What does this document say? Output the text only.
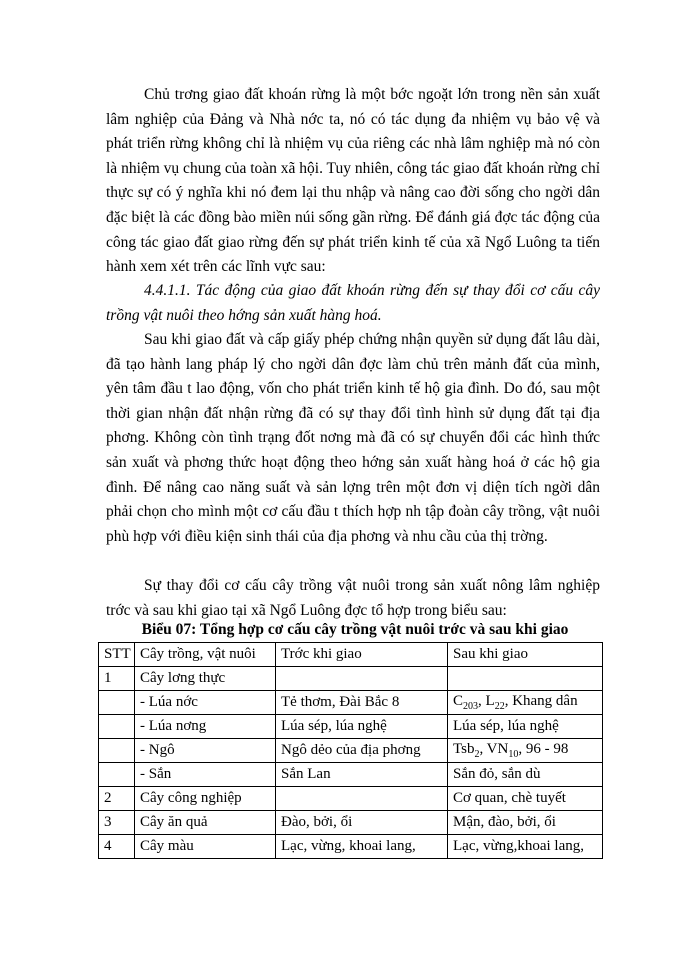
Chủ trơng giao đất khoán rừng là một bớc ngoặt lớn trong nền sản xuất lâm nghiệp của Đảng và Nhà nớc ta, nó có tác dụng đa nhiệm vụ bảo vệ và phát triển rừng không chỉ là nhiệm vụ của riêng các nhà lâm nghiệp mà nó còn là nhiệm vụ chung của toàn xã hội. Tuy nhiên, công tác giao đất khoán rừng chỉ thực sự có ý nghĩa khi nó đem lại thu nhập và nâng cao đời sống cho ngời dân đặc biệt là các đồng bào miền núi sống gần rừng. Để đánh giá đợc tác động của công tác giao đất giao rừng đến sự phát triển kinh tế của xã Ngổ Luông ta tiến hành xem xét trên các lĩnh vực sau:

4.4.1.1. Tác động của giao đất khoán rừng đến sự thay đổi cơ cấu cây trồng vật nuôi theo hớng sản xuất hàng hoá.

Sau khi giao đất và cấp giấy phép chứng nhận quyền sử dụng đất lâu dài, đã tạo hành lang pháp lý cho ngời dân đợc làm chủ trên mảnh đất của mình, yên tâm đầu t lao động, vốn cho phát triển kinh tế hộ gia đình. Do đó, sau một thời gian nhận đất nhận rừng đã có sự thay đổi tình hình sử dụng đất tại địa phơng. Không còn tình trạng đốt nơng mà đã có sự chuyển đổi các hình thức sản xuất và phơng thức hoạt động theo hớng sản xuất hàng hoá ở các hộ gia đình. Để nâng cao năng suất và sản lợng trên một đơn vị diện tích ngời dân phải chọn cho mình một cơ cấu đầu t thích hợp nh tập đoàn cây trồng, vật nuôi phù hợp với điều kiện sinh thái của địa phơng và nhu cầu của thị trờng.

Sự thay đổi cơ cấu cây trồng vật nuôi trong sản xuất nông lâm nghiệp trớc và sau khi giao tại xã Ngổ Luông đợc tổ hợp trong biểu sau:

Biểu 07: Tổng hợp cơ cấu cây trồng vật nuôi trớc và sau khi giao

STT	Cây trồng, vật nuôi	Trớc khi giao	Sau khi giao
1	Cây lơng thực		
	- Lúa nớc	Tẻ thơm, Đài Bắc 8	$C_{203}$, $L_{22}$, Khang dân
	- Lúa nơng	Lúa sép, lúa nghệ	Lúa sép, lúa nghệ
	- Ngô	Ngô dẻo của địa phơng	Tsb$_2$, $VN_{10}$, 96 - 98
	- Sắn	Sắn Lan	Sắn đỏ, sắn dù
2	Cây công nghiệp		Cơ quan, chè tuyết
3	Cây ăn quả	Đào, bởi, ổi	Mận, đào, bởi, ổi
4	Cây màu	Lạc, vừng, khoai lang,	Lạc, vừng,khoai lang,
